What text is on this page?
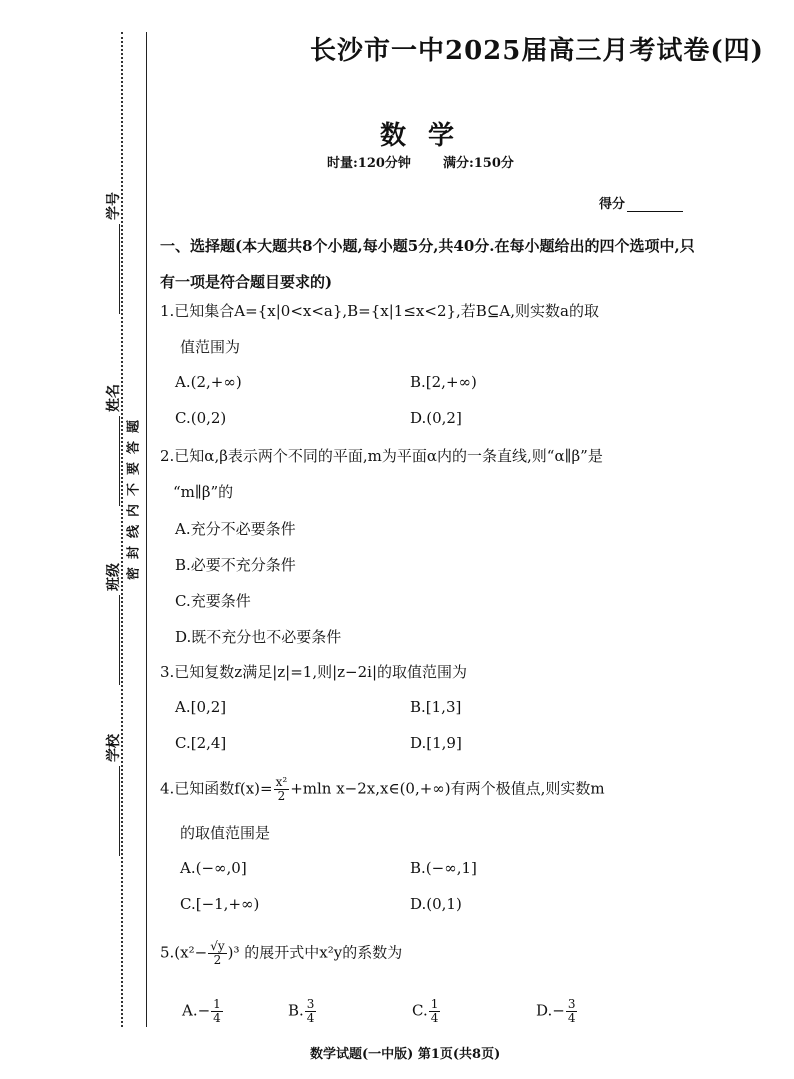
学号
姓名
班级
学校
题
答
要
不
内
线
封
密
长沙市一中2025届高三月考试卷(四)
数学
时量:120分钟 满分:150分
得分
一、选择题(本大题共8个小题,每小题5分,共40分.在每小题给出的四个选项中,只有一项是符合题目要求的)
1.已知集合A={x|0<x<a},B={x|1≤x<2},若B⊆A,则实数a的取
值范围为
A.(2,+∞)	B.[2,+∞)
C.(0,2)	D.(0,2]
2.已知α,β表示两个不同的平面,m为平面α内的一条直线,则“α∥β”是
“m∥β”的
A.充分不必要条件
B.必要不充分条件
C.充要条件
D.既不充分也不必要条件
3.已知复数z满足|z|=1,则|z−2i|的取值范围为
A.[0,2]	B.[1,3]
C.[2,4]	D.[1,9]
4.已知函数$f(x)= \frac{\text{x²}}{2} +mln$ x−2x,x∈(0,+∞)有两个极值点,则实数m
的取值范围是
A.(−∞,0]	B.(−∞,1]
C.[−1,+∞)	D.(0,1)
$5.(x^2- \frac{√y}{2} )^3$ 的展开式中x²y的系数为
$A.- \frac{1}{4}$	B. $\frac{3}{4}$	C. $\frac{1}{4}$	$D.- \frac{3}{4}$
数学试题(一中版) 第1页(共8页)
